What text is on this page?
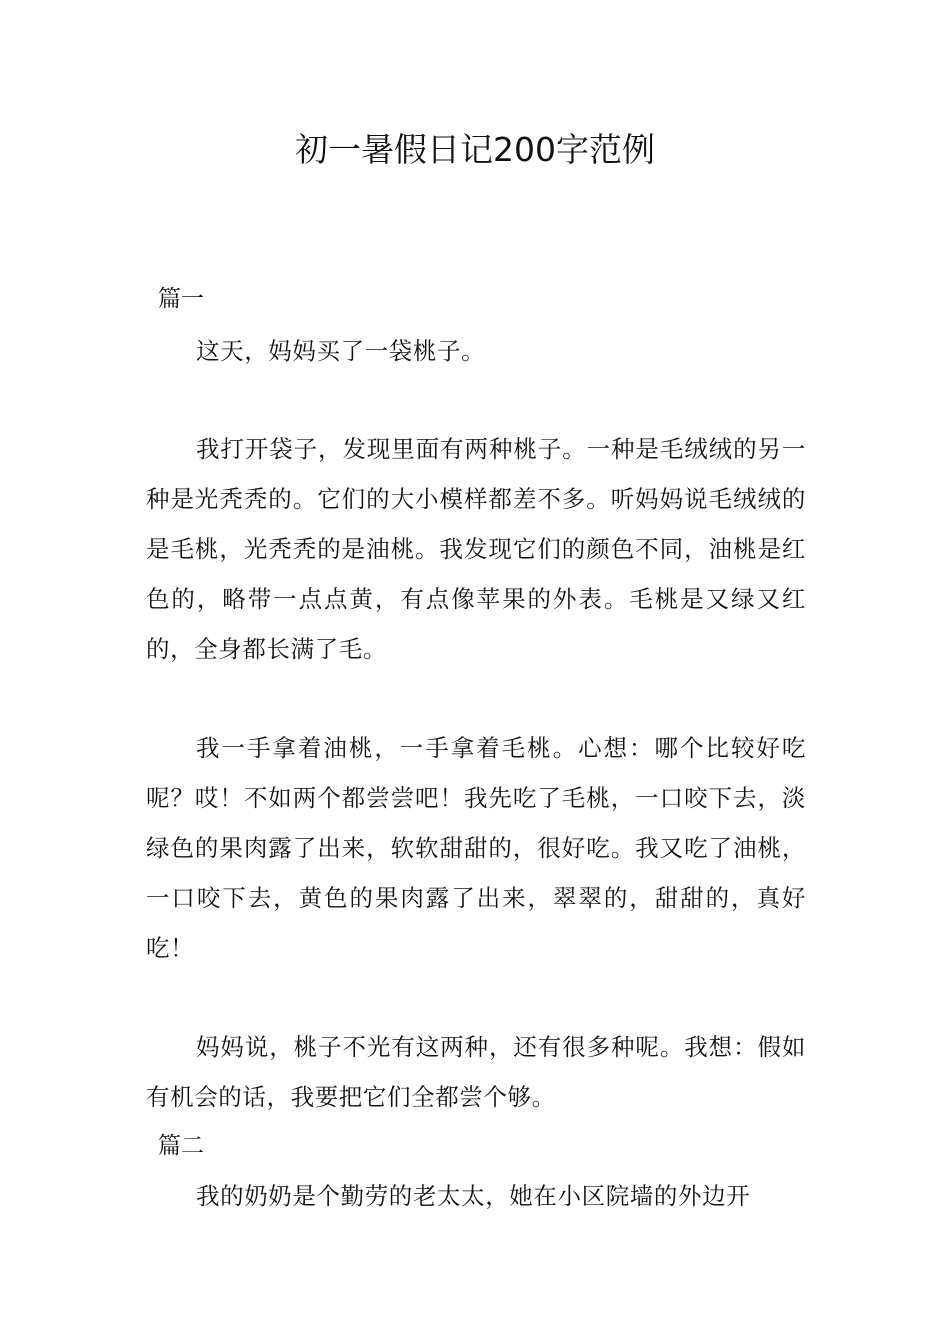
初一暑假日记200字范例
篇一

这天，妈妈买了一袋桃子。

我打开袋子，发现里面有两种桃子。一种是毛绒绒的另一种是光秃秃的。它们的大小模样都差不多。听妈妈说毛绒绒的是毛桃，光秃秃的是油桃。我发现它们的颜色不同，油桃是红色的，略带一点点黄，有点像苹果的外表。毛桃是又绿又红的，全身都长满了毛。

我一手拿着油桃，一手拿着毛桃。心想：哪个比较好吃呢？哎！不如两个都尝尝吧！我先吃了毛桃，一口咬下去，淡绿色的果肉露了出来，软软甜甜的，很好吃。我又吃了油桃，一口咬下去，黄色的果肉露了出来，翠翠的，甜甜的，真好吃！

妈妈说，桃子不光有这两种，还有很多种呢。我想：假如有机会的话，我要把它们全都尝个够。

篇二

我的奶奶是个勤劳的老太太，她在小区院墙的外边开
